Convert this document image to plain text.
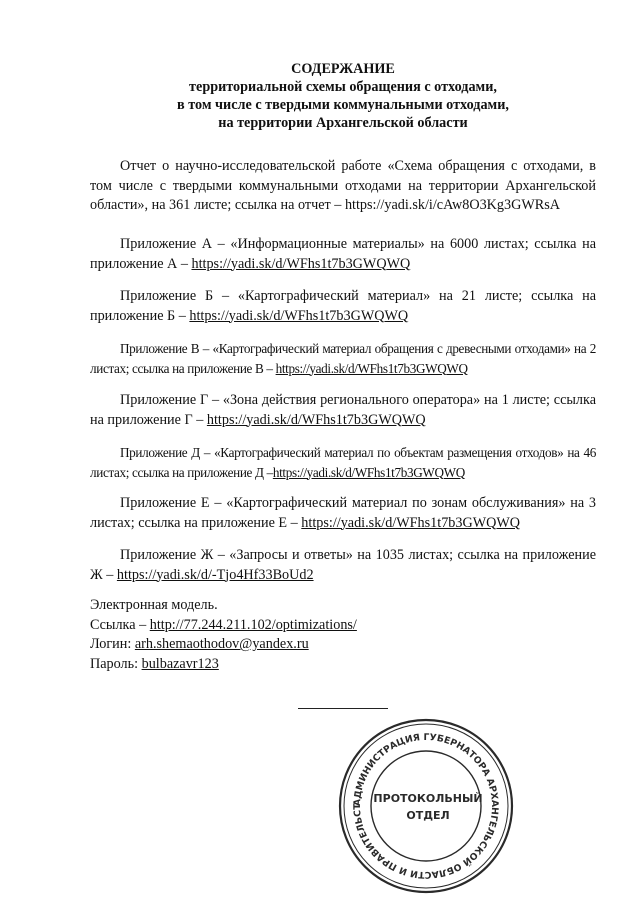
СОДЕРЖАНИЕ
территориальной схемы обращения с отходами,
в том числе с твердыми коммунальными отходами,
на территории Архангельской области
Отчет о научно-исследовательской работе «Схема обращения с отходами, в том числе с твердыми коммунальными отходами на территории Архангельской области», на 361 листе; ссылка на отчет – https://yadi.sk/i/cAw8O3Kg3GWRsA
Приложение А – «Информационные материалы» на 6000 листах; ссылка на приложение А – https://yadi.sk/d/WFhs1t7b3GWQWQ
Приложение Б – «Картографический материал» на 21 листе; ссылка на приложение Б – https://yadi.sk/d/WFhs1t7b3GWQWQ
Приложение В – «Картографический материал обращения с древесными отходами» на 2 листах; ссылка на приложение В – https://yadi.sk/d/WFhs1t7b3GWQWQ
Приложение Г – «Зона действия регионального оператора» на 1 листе; ссылка на приложение Г – https://yadi.sk/d/WFhs1t7b3GWQWQ
Приложение Д – «Картографический материал по объектам размещения отходов» на 46 листах; ссылка на приложение Д –https://yadi.sk/d/WFhs1t7b3GWQWQ
Приложение Е – «Картографический материал по зонам обслуживания» на 3 листах; ссылка на приложение Е – https://yadi.sk/d/WFhs1t7b3GWQWQ
Приложение Ж – «Запросы и ответы» на 1035 листах; ссылка на приложение Ж – https://yadi.sk/d/-Tjo4Hf33BoUd2
Электронная модель.
Ссылка – http://77.244.211.102/optimizations/
Логин: arh.shemaothodov@yandex.ru
Пароль: bulbazavr123
АДМИНИСТРАЦИЯ ГУБЕРНАТОРА АРХАНГЕЛЬСКОЙ ОБЛАСТИ И ПРАВИТЕЛЬСТ
ПРОТОКОЛЬНЫЙ
ОТДЕЛ
